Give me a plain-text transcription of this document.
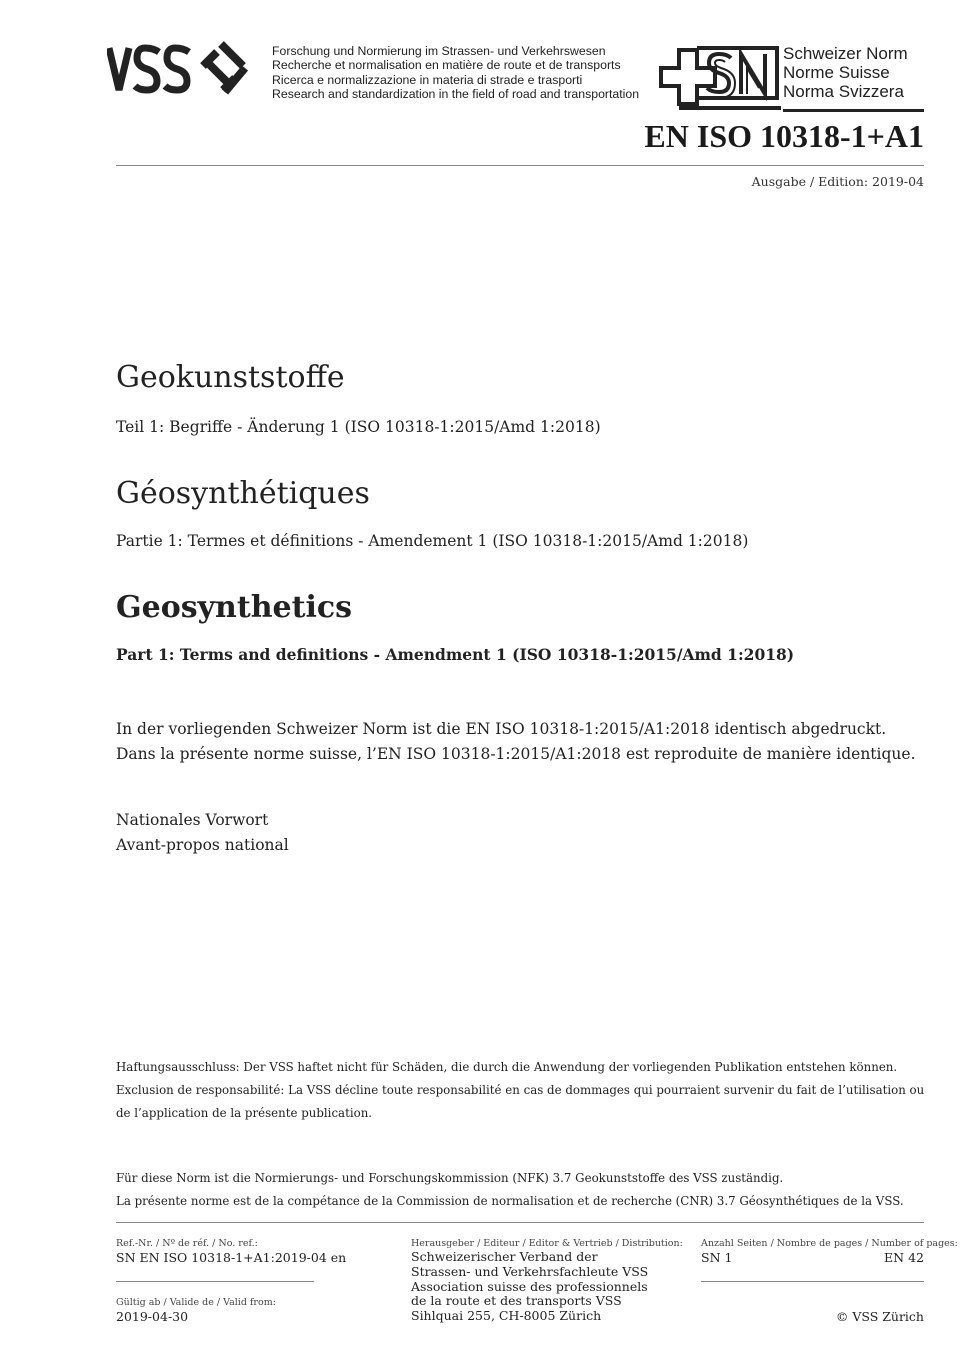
Forschung und Normierung im Strassen- und Verkehrswesen
Recherche et normalisation en matière de route et de transports
Ricerca e normalizzazione in materia di strade e trasporti
Research and standardization in the field of road and transportation
Schweizer Norm
Norme Suisse
Norma Svizzera
EN ISO 10318-1+A1
Ausgabe / Edition: 2019-04
Geokunststoffe
Teil 1: Begriffe - Änderung 1 (ISO 10318-1:2015/Amd 1:2018)
Géosynthétiques
Partie 1: Termes et définitions - Amendement 1 (ISO 10318-1:2015/Amd 1:2018)
Geosynthetics
Part 1: Terms and definitions - Amendment 1 (ISO 10318-1:2015/Amd 1:2018)
In der vorliegenden Schweizer Norm ist die EN ISO 10318-1:2015/A1:2018 identisch abgedruckt.
Dans la présente norme suisse, l’EN ISO 10318-1:2015/A1:2018 est reproduite de manière identique.
Nationales Vorwort
Avant-propos national
Haftungsausschluss: Der VSS haftet nicht für Schäden, die durch die Anwendung der vorliegenden Publikation entstehen können.
Exclusion de responsabilité: La VSS décline toute responsabilité en cas de dommages qui pourraient survenir du fait de l’utilisation ou
de l’application de la présente publication.
Für diese Norm ist die Normierungs- und Forschungskommission (NFK) 3.7 Geokunststoffe des VSS zuständig.
La présente norme est de la compétance de la Commission de normalisation et de recherche (CNR) 3.7 Géosynthétiques de la VSS.
Ref.-Nr. / Nº de réf. / No. ref.:
SN EN ISO 10318-1+A1:2019-04 en
Gültig ab / Valide de / Valid from:
2019-04-30
Herausgeber / Editeur / Editor & Vertrieb / Distribution:
Schweizerischer Verband der
Strassen- und Verkehrsfachleute VSS
Association suisse des professionnels
de la route et des transports VSS
Sihlquai 255, CH-8005 Zürich
Anzahl Seiten / Nombre de pages / Number of pages:
SN 1	EN 42
© VSS Zürich
